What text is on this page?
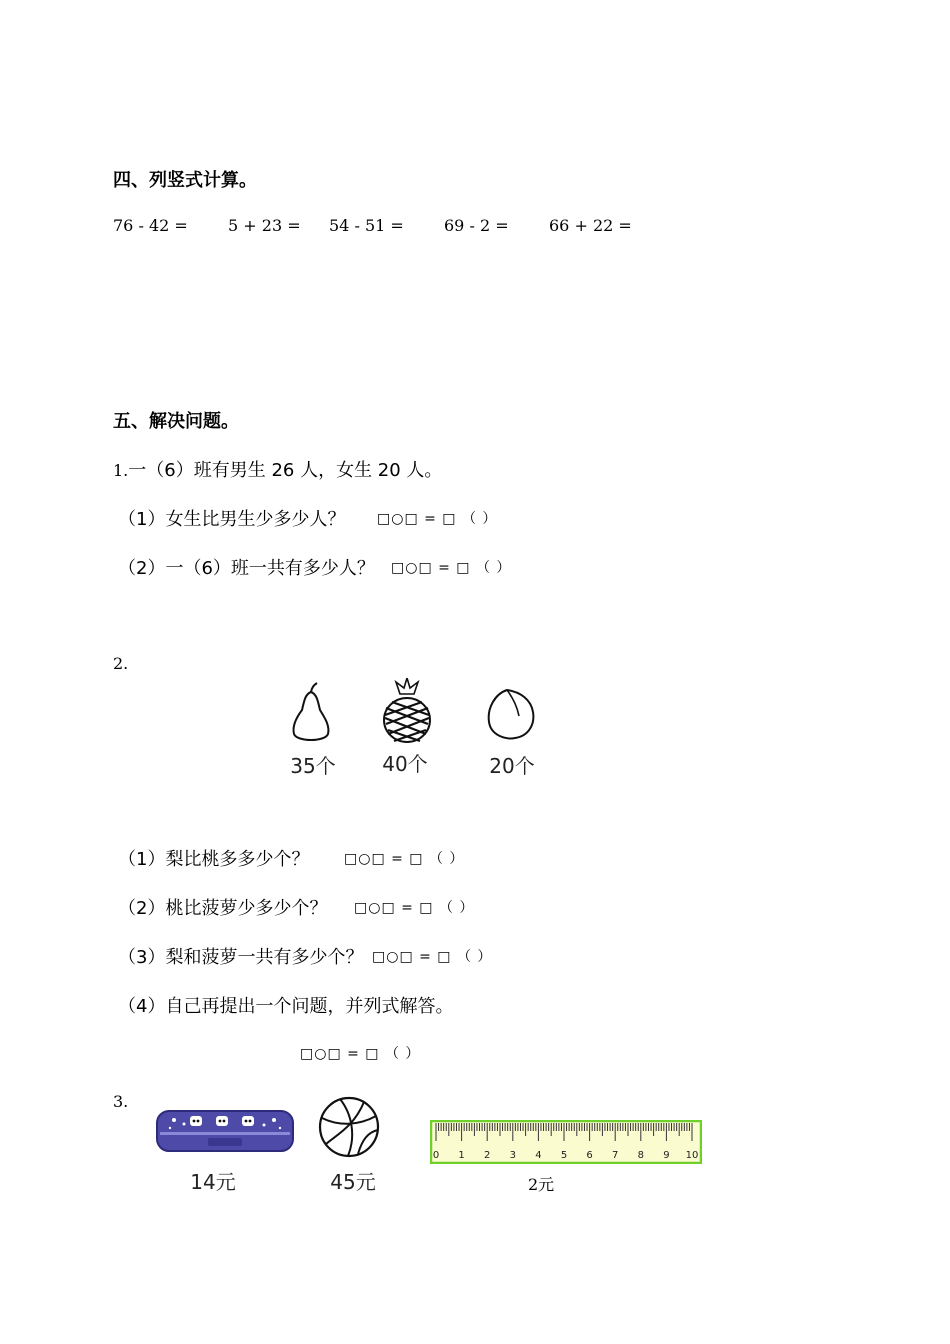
四、列竖式计算。
76 - 42 =	5 + 23 = 54 - 51 =	69 - 2 =	66 + 22 =
五、解决问题。
1.一（6）班有男生 26 人，女生 20 人。
（1）女生比男生少多少人？ □○□ = □ （ ）
（2）一（6）班一共有多少人？ □○□ = □ （ ）
2.
35个	40个	20个
（1）梨比桃多多少个？ □○□ = □ （ ）
（2）桃比菠萝少多少个？ □○□ = □ （ ）
（3）梨和菠萝一共有多少个？ □○□ = □ （ ）
（4）自己再提出一个问题，并列式解答。
□○□ = □ （ ）
3.
14元	45元
0 1 2 3 4 5 6 7 8 9 10
2元
